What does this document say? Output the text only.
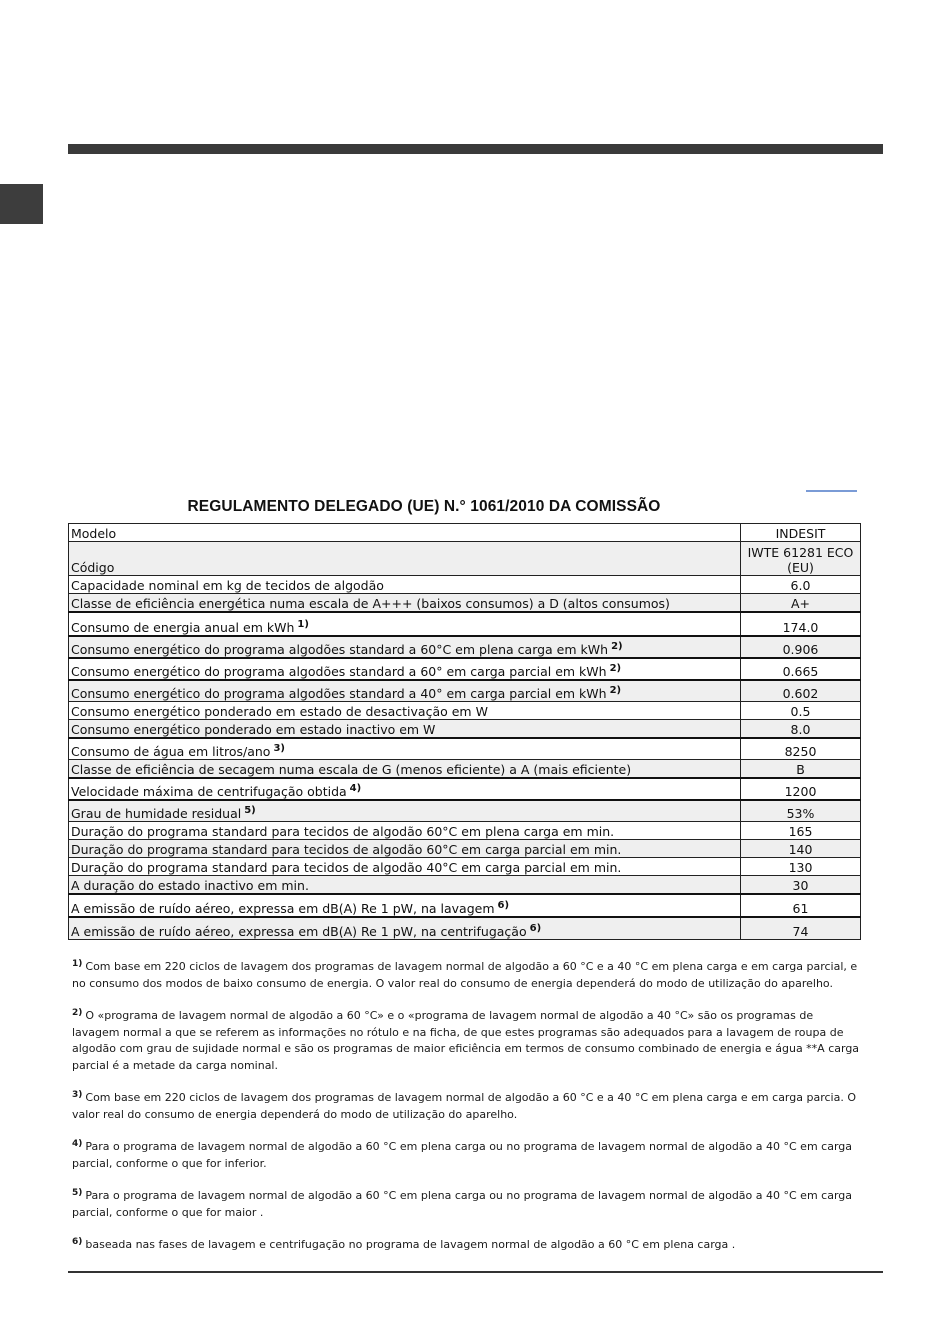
REGULAMENTO DELEGADO (UE) N.° 1061/2010 DA COMISSÃO
Modelo	INDESIT
Código	IWTE 61281 ECO (EU)
Capacidade nominal em kg de tecidos de algodão	6.0
Classe de eficiência energética numa escala de A+++ (baixos consumos) a D (altos consumos)	A+
Consumo de energia anual em kWh $^{1)}$	174.0
Consumo energético do programa algodões standard a 60°C em plena carga em kWh $^{2)}$	0.906
Consumo energético do programa algodões standard a 60° em carga parcial em kWh $^{2)}$	0.665
Consumo energético do programa algodões standard a 40° em carga parcial em kWh $^{2)}$	0.602
Consumo energético ponderado em estado de desactivação em W	0.5
Consumo energético ponderado em estado inactivo em W	8.0
Consumo de água em litros/ano $^{3)}$	8250
Classe de eficiência de secagem numa escala de G (menos eficiente) a A (mais eficiente)	B
Velocidade máxima de centrifugação obtida $^{4)}$	1200
Grau de humidade residual $^{5)}$	53%
Duração do programa standard para tecidos de algodão 60°C em plena carga em min.	165
Duração do programa standard para tecidos de algodão 60°C em carga parcial em min.	140
Duração do programa standard para tecidos de algodão 40°C em carga parcial em min.	130
A duração do estado inactivo em min.	30
A emissão de ruído aéreo, expressa em dB(A) Re 1 pW, na lavagem $^{6)}$	61
A emissão de ruído aéreo, expressa em dB(A) Re 1 pW, na centrifugação $^{6)}$	74
$^{1)}$ Com base em 220 ciclos de lavagem dos programas de lavagem normal de algodão a 60 °C e a 40 °C em plena carga e em carga parcial, e no consumo dos modos de baixo consumo de energia. O valor real do consumo de energia dependerá do modo de utilização do aparelho.
$^{2)}$ O «programa de lavagem normal de algodão a 60 °C» e o «programa de lavagem normal de algodão a 40 °C» são os programas de lavagem normal a que se referem as informações no rótulo e na ficha, de que estes programas são adequados para a lavagem de roupa de algodão com grau de sujidade normal e são os programas de maior eficiência em termos de consumo combinado de energia e água **A carga parcial é a metade da carga nominal.
$^{3)}$ Com base em 220 ciclos de lavagem dos programas de lavagem normal de algodão a 60 °C e a 40 °C em plena carga e em carga parcia. O valor real do consumo de energia dependerá do modo de utilização do aparelho.
$^{4)}$ Para o programa de lavagem normal de algodão a 60 °C em plena carga ou no programa de lavagem normal de algodão a 40 °C em carga parcial, conforme o que for inferior.
$^{5)}$ Para o programa de lavagem normal de algodão a 60 °C em plena carga ou no programa de lavagem normal de algodão a 40 °C em carga parcial, conforme o que for maior .
$^{6)}$ baseada nas fases de lavagem e centrifugação no programa de lavagem normal de algodão a 60 °C em plena carga .
